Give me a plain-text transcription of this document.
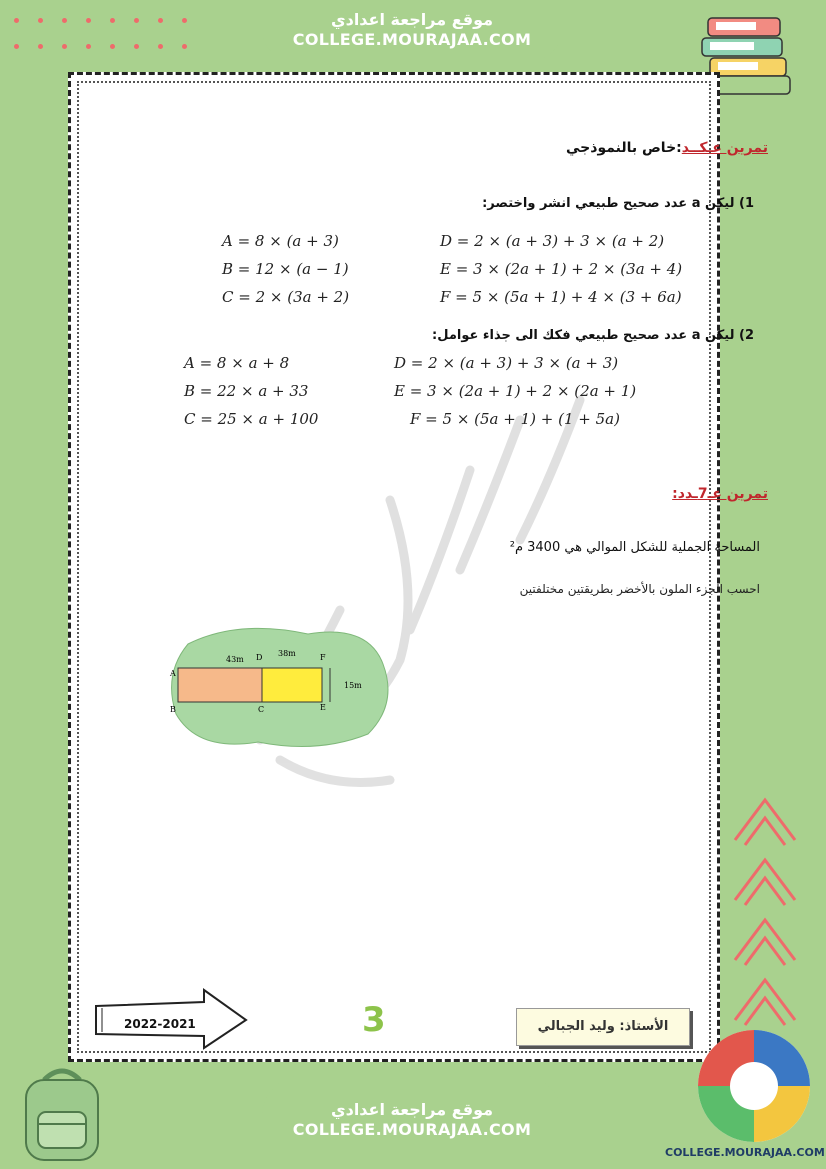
موقع مراجعة اعدادي
COLLEGE.MOURAJAA.COM
تمرين عـكــد:خاص بالنموذجي
1) ليكن a عدد صحيح طبيعي انشر واختصر:
A = 8 × (a + 3)
B = 12 × (a − 1)
C = 2 × (3a + 2)
D = 2 × (a + 3) + 3 × (a + 2)
E = 3 × (2a + 1) + 2 × (3a + 4)
F = 5 × (5a + 1) + 4 × (3 + 6a)
2) ليكن a عدد صحيح طبيعي فكك الى جذاء عوامل:
A = 8 × a + 8
B = 22 × a + 33
C = 25 × a + 100
D = 2 × (a + 3) + 3 × (a + 3)
E = 3 × (2a + 1) + 2 × (2a + 1)
F = 5 × (5a + 1) + (1 + 5a)
تمرين عـ7ـدد:
المساحة الجملية للشكل الموالي هي 3400 م²
احسب الجزء الملون بالأخضر بطريقتين مختلفتين
A
B	C
D
E
F
43m
38m
15m
2022-2021	3	الأستاذ: وليد الجبالي
موقع مراجعة اعدادي
COLLEGE.MOURAJAA.COM
COLLEGE.MOURAJAA.COM
